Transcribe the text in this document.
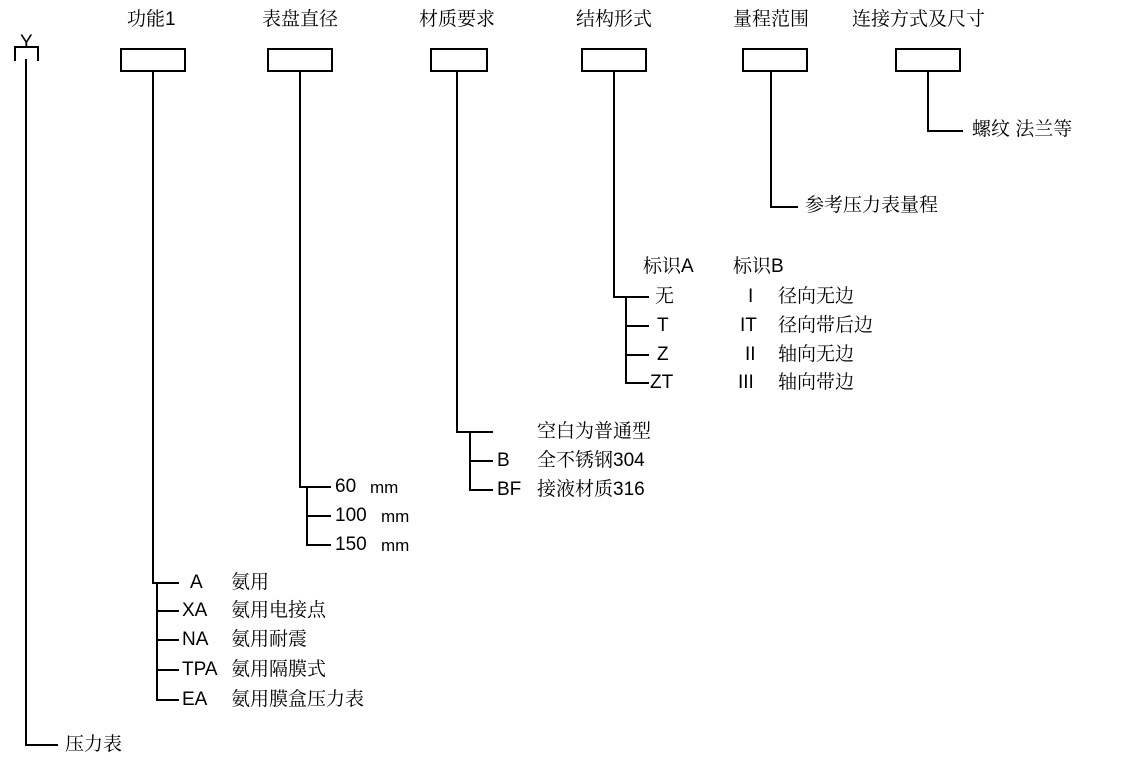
功能1	表盘直径	材质要求	结构形式	量程范围 连接方式及尺寸
Y
压力表
螺纹 法兰等
参考压力表量程
标识A 标识B
无	I 径向无边
T	IT 径向带后边
Z	II 轴向无边
ZT	III 轴向带边
空白为普通型
B 全不锈钢304
BF 接液材质316
60 mm
100 mm
150 mm
A 氨用
XA 氨用电接点
NA 氨用耐震
TPA 氨用隔膜式
EA 氨用膜盒压力表
